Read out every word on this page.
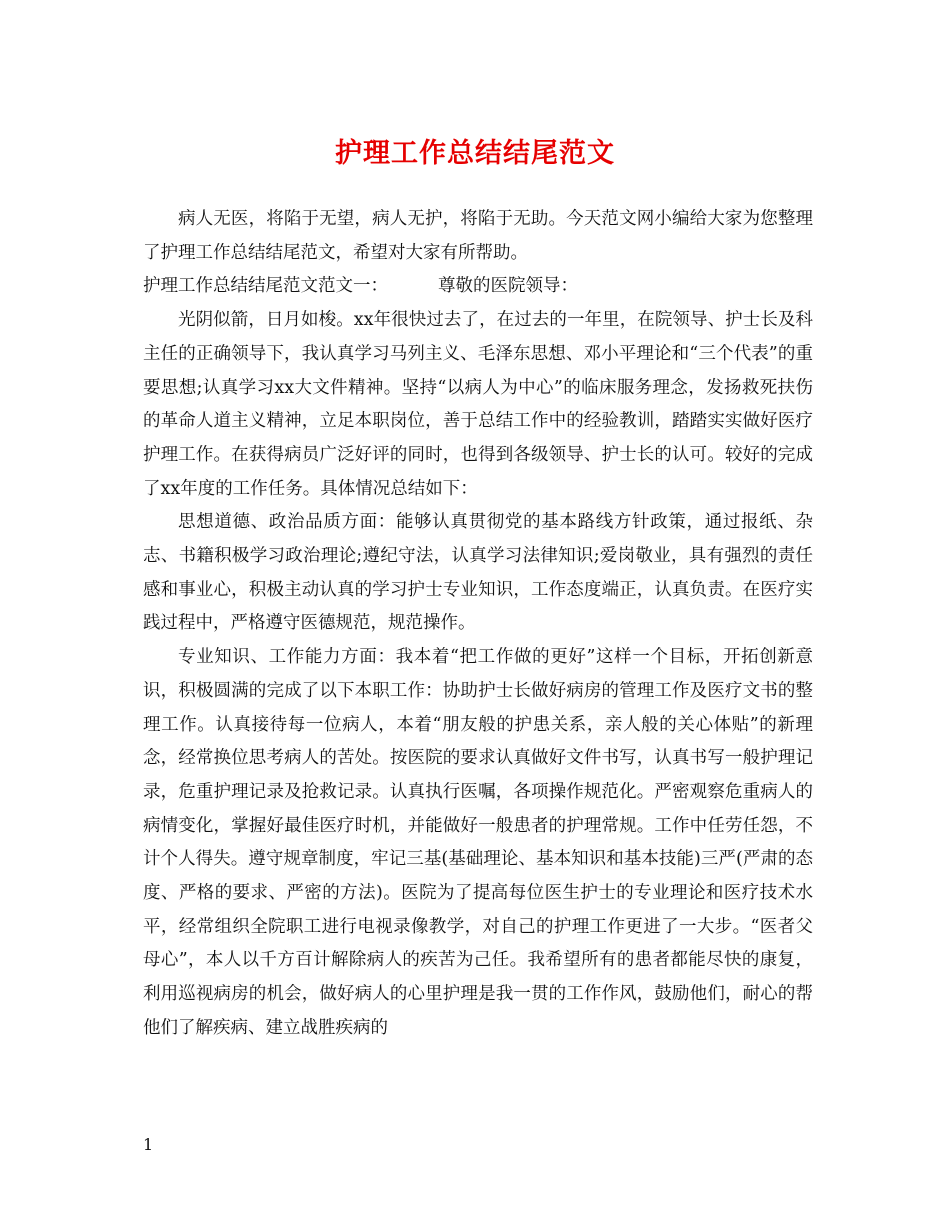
护理工作总结结尾范文

病人无医，将陷于无望，病人无护，将陷于无助。今天范文网小编给大家为您整理了护理工作总结结尾范文，希望对大家有所帮助。

护理工作总结结尾范文范文一：	尊敬的医院领导：

光阴似箭，日月如梭。xx年很快过去了，在过去的一年里，在院领导、护士长及科主任的正确领导下，我认真学习马列主义、毛泽东思想、邓小平理论和“三个代表”的重要思想;认真学习xx大文件精神。坚持“以病人为中心”的临床服务理念，发扬救死扶伤的革命人道主义精神，立足本职岗位，善于总结工作中的经验教训，踏踏实实做好医疗护理工作。在获得病员广泛好评的同时，也得到各级领导、护士长的认可。较好的完成了xx年度的工作任务。具体情况总结如下：

思想道德、政治品质方面：能够认真贯彻党的基本路线方针政策，通过报纸、杂志、书籍积极学习政治理论;遵纪守法，认真学习法律知识;爱岗敬业，具有强烈的责任感和事业心，积极主动认真的学习护士专业知识，工作态度端正，认真负责。在医疗实践过程中，严格遵守医德规范，规范操作。

专业知识、工作能力方面：我本着“把工作做的更好”这样一个目标，开拓创新意识，积极圆满的完成了以下本职工作：协助护士长做好病房的管理工作及医疗文书的整理工作。认真接待每一位病人，本着“朋友般的护患关系，亲人般的关心体贴”的新理念，经常换位思考病人的苦处。按医院的要求认真做好文件书写，认真书写一般护理记录，危重护理记录及抢救记录。认真执行医嘱，各项操作规范化。严密观察危重病人的病情变化，掌握好最佳医疗时机，并能做好一般患者的护理常规。工作中任劳任怨，不计个人得失。遵守规章制度，牢记三基(基础理论、基本知识和基本技能)三严(严肃的态度、严格的要求、严密的方法)。医院为了提高每位医生护士的专业理论和医疗技术水平，经常组织全院职工进行电视录像教学，对自己的护理工作更进了一大步。“医者父母心”，本人以千方百计解除病人的疾苦为己任。我希望所有的患者都能尽快的康复，利用巡视病房的机会，做好病人的心里护理是我一贯的工作作风，鼓励他们，耐心的帮他们了解疾病、建立战胜疾病的

1
